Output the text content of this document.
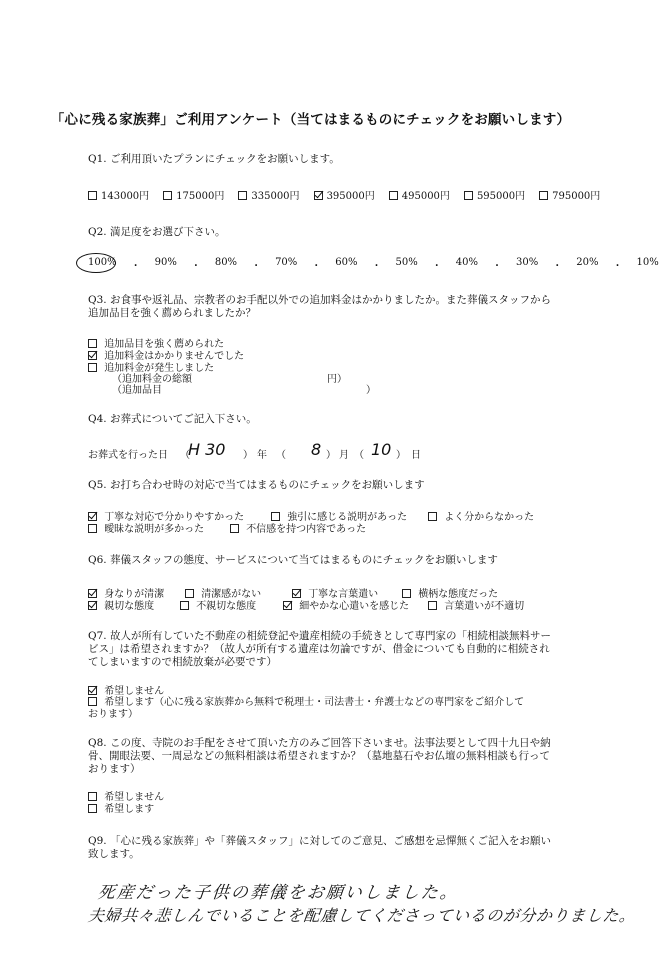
「心に残る家族葬」ご利用アンケート（当てはまるものにチェックをお願いします）
Q1. ご利用頂いたプランにチェックをお願いします。
143000円	175000円	335000円	395000円	495000円	595000円	795000円
Q2. 満足度をお選び下さい。
100% ・ 90% ・ 80% ・ 70% ・ 60% ・ 50% ・ 40% ・ 30% ・ 20% ・ 10%
Q3. お食事や返礼品、宗教者のお手配以外での追加料金はかかりましたか。また葬儀スタッフから
追加品目を強く薦められましたか？
追加品目を強く薦められた
追加料金はかかりませんでした
追加料金が発生しました
（追加料金の総額	円）
（追加品目	）
Q4. お葬式についてご記入下さい。
お葬式を行った日 （
H 30 ） 年 （ 8 ） 月 （ 10 ） 日
Q5. お打ち合わせ時の対応で当てはまるものにチェックをお願いします
丁寧な対応で分かりやすかった	強引に感じる説明があった	よく分からなかった
曖昧な説明が多かった	不信感を持つ内容であった
Q6. 葬儀スタッフの態度、サービスについて当てはまるものにチェックをお願いします
身なりが清潔	清潔感がない	丁寧な言葉遣い	横柄な態度だった
親切な態度	不親切な態度	細やかな心遣いを感じた	言葉遣いが不適切
Q7. 故人が所有していた不動産の相続登記や遺産相続の手続きとして専門家の「相続相談無料サー
ビス」は希望されますか？（故人が所有する遺産は勿論ですが、借金についても自動的に相続され
てしまいますので相続放棄が必要です）
希望しません
希望します（心に残る家族葬から無料で税理士・司法書士・弁護士などの専門家をご紹介して
おります）
Q8. この度、寺院のお手配をさせて頂いた方のみご回答下さいませ。法事法要として四十九日や納
骨、開眼法要、一周忌などの無料相談は希望されますか？（墓地墓石やお仏壇の無料相談も行って
おります）
希望しません
希望します
Q9. 「心に残る家族葬」や「葬儀スタッフ」に対してのご意見、ご感想を忌憚無くご記入をお願い
致します。
死産だった子供の葬儀をお願いしました。
夫婦共々悲しんでいることを配慮してくださっているのが分かりました。
